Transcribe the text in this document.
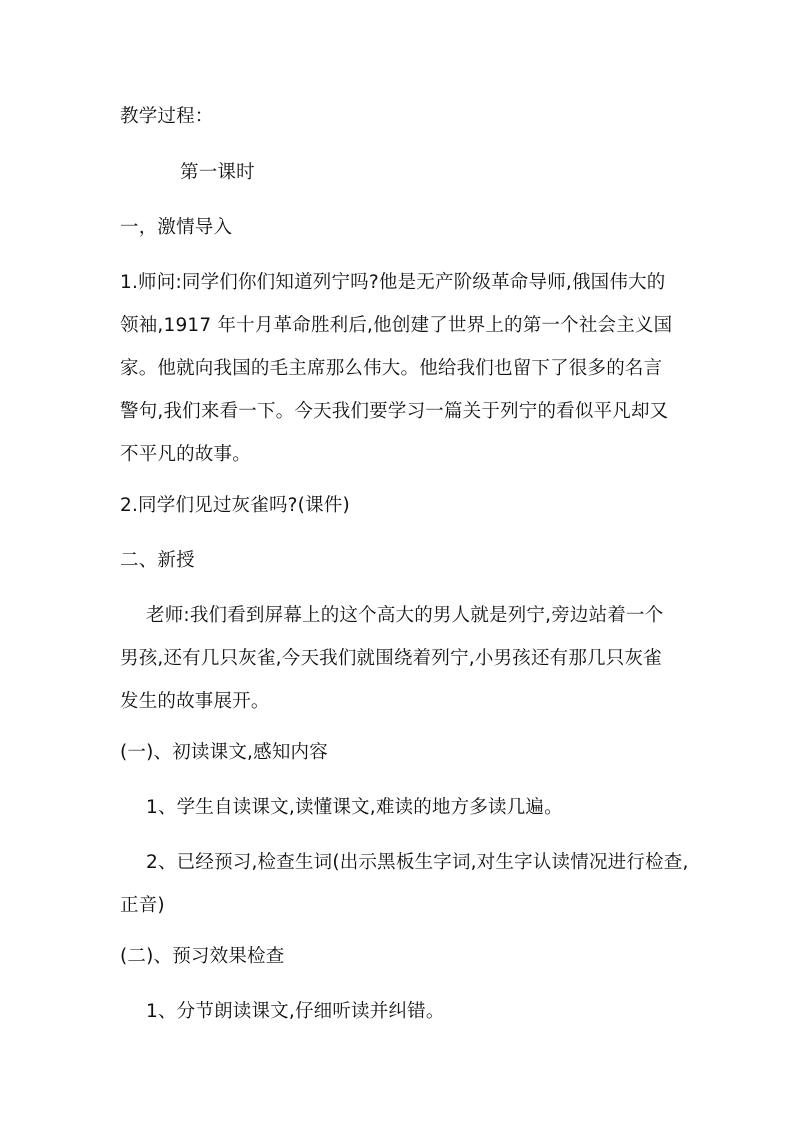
教学过程：
第一课时
一，激情导入
1.师问:同学们你们知道列宁吗?他是无产阶级革命导师,俄国伟大的
领袖,1917 年十月革命胜利后,他创建了世界上的第一个社会主义国
家。他就向我国的毛主席那么伟大。他给我们也留下了很多的名言
警句,我们来看一下。今天我们要学习一篇关于列宁的看似平凡却又
不平凡的故事。
2.同学们见过灰雀吗?(课件)
二、新授
老师:我们看到屏幕上的这个高大的男人就是列宁,旁边站着一个
男孩,还有几只灰雀,今天我们就围绕着列宁,小男孩还有那几只灰雀
发生的故事展开。
(一)、初读课文,感知内容
1、学生自读课文,读懂课文,难读的地方多读几遍。
2、已经预习,检查生词(出示黑板生字词,对生字认读情况进行检查,
正音)
(二)、预习效果检查
1、分节朗读课文,仔细听读并纠错。
